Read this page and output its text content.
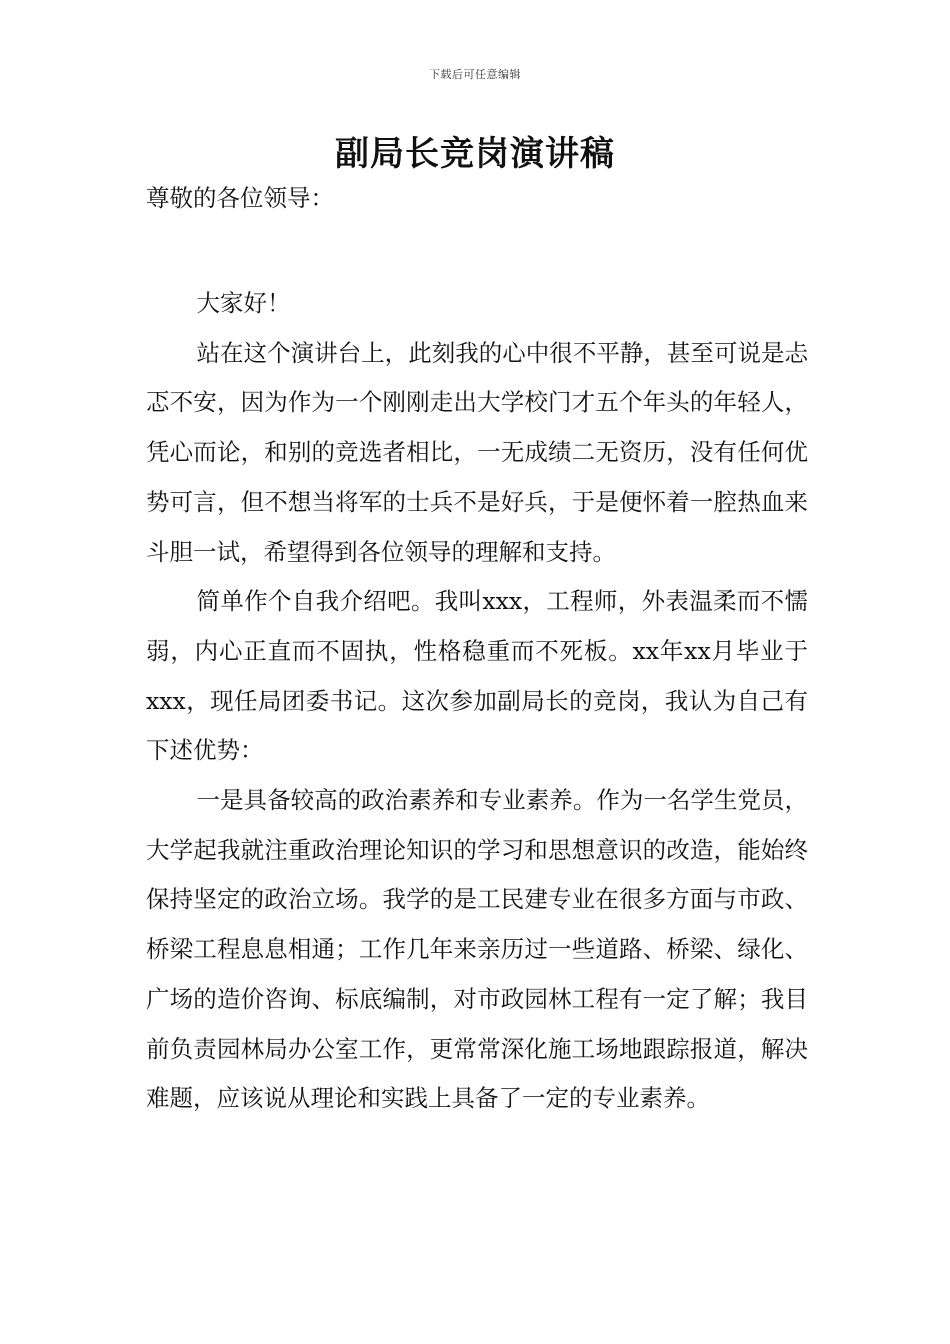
下载后可任意编辑
副局长竞岗演讲稿

尊敬的各位领导：

大家好！

站在这个演讲台上，此刻我的心中很不平静，甚至可说是忐忑不安，因为作为一个刚刚走出大学校门才五个年头的年轻人，凭心而论，和别的竞选者相比，一无成绩二无资历，没有任何优势可言，但不想当将军的士兵不是好兵，于是便怀着一腔热血来斗胆一试，希望得到各位领导的理解和支持。

简单作个自我介绍吧。我叫xxx，工程师，外表温柔而不懦弱，内心正直而不固执，性格稳重而不死板。xx年xx月毕业于xxx，现任局团委书记。这次参加副局长的竞岗，我认为自己有下述优势：

一是具备较高的政治素养和专业素养。作为一名学生党员，大学起我就注重政治理论知识的学习和思想意识的改造，能始终保持坚定的政治立场。我学的是工民建专业在很多方面与市政、桥梁工程息息相通；工作几年来亲历过一些道路、桥梁、绿化、广场的造价咨询、标底编制，对市政园林工程有一定了解；我目前负责园林局办公室工作，更常常深化施工场地跟踪报道，解决难题，应该说从理论和实践上具备了一定的专业素养。
